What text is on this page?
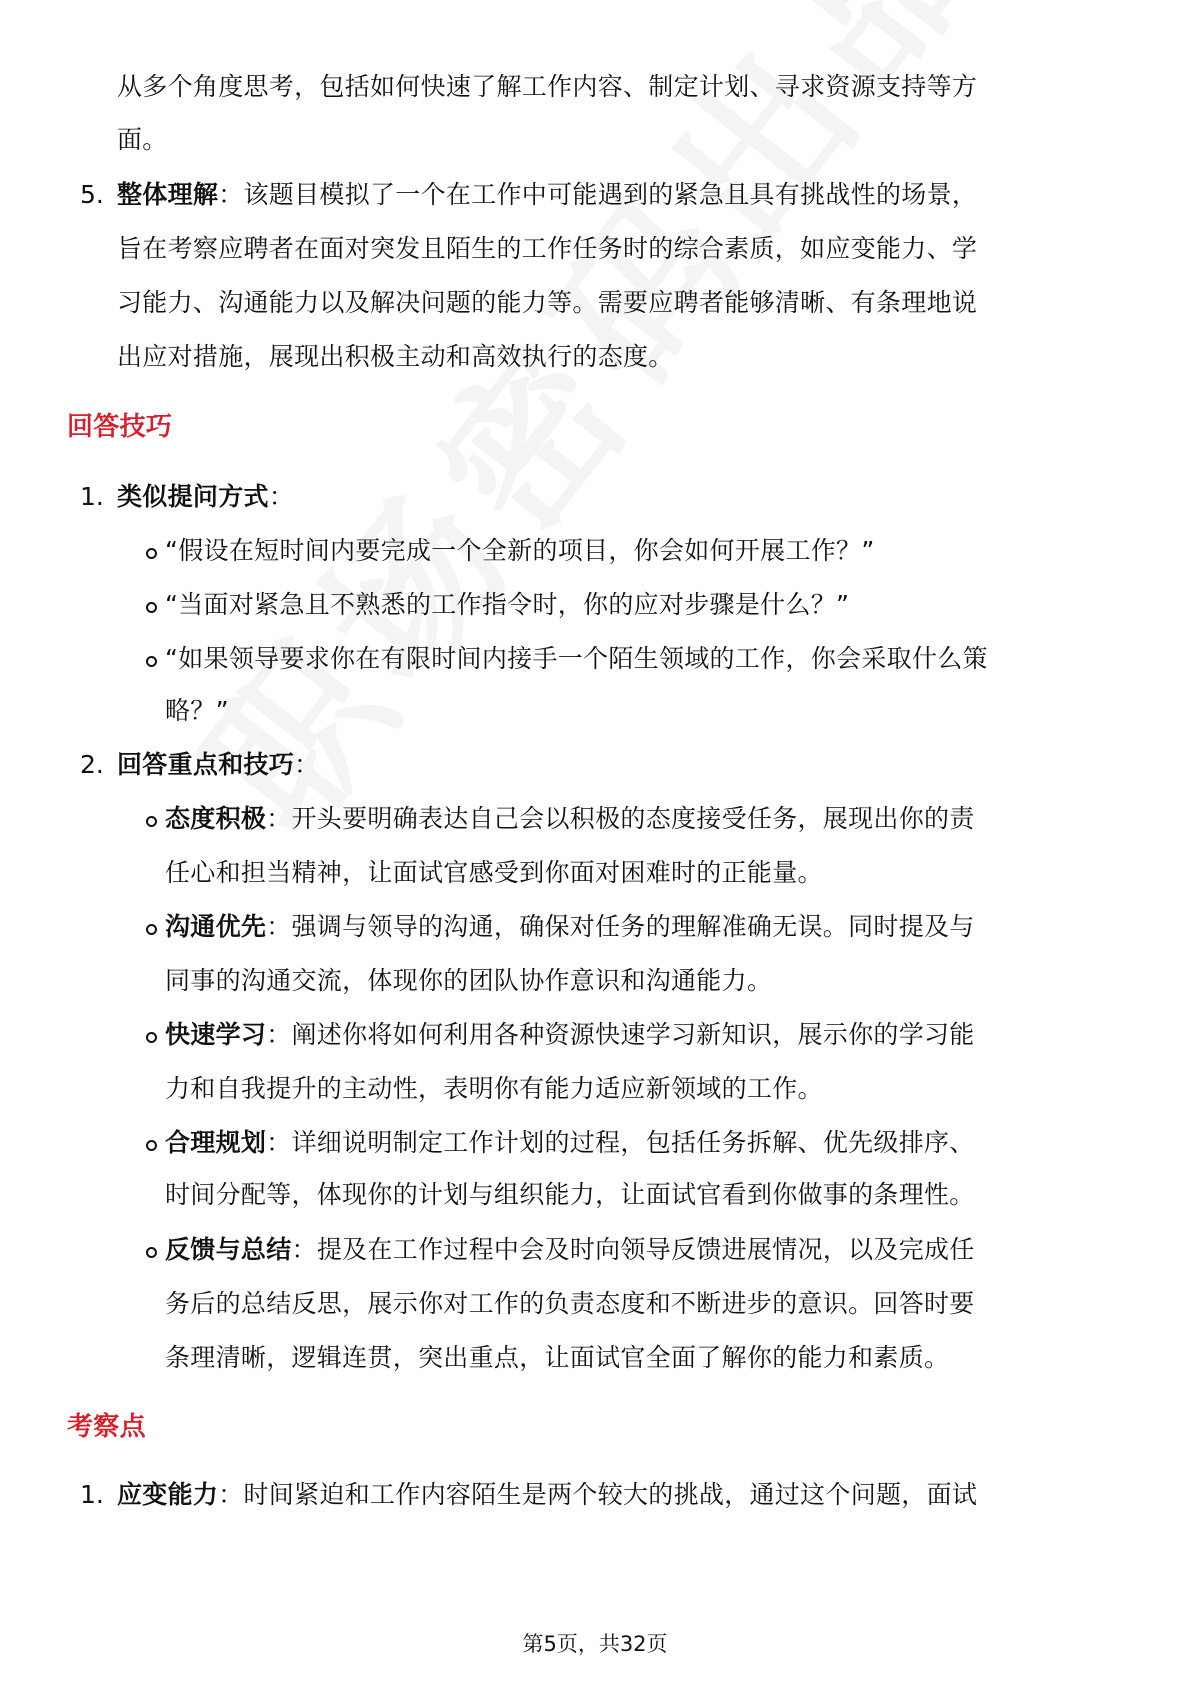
从多个角度思考，包括如何快速了解工作内容、制定计划、寻求资源支持等方
面。
5. 整体理解：该题目模拟了一个在工作中可能遇到的紧急且具有挑战性的场景，
旨在考察应聘者在面对突发且陌生的工作任务时的综合素质，如应变能力、学
习能力、沟通能力以及解决问题的能力等。需要应聘者能够清晰、有条理地说
出应对措施，展现出积极主动和高效执行的态度。
回答技巧
1. 类似提问方式：
“假设在短时间内要完成一个全新的项目，你会如何开展工作？”
“当面对紧急且不熟悉的工作指令时，你的应对步骤是什么？”
“如果领导要求你在有限时间内接手一个陌生领域的工作，你会采取什么策
略？”
2. 回答重点和技巧：
态度积极：开头要明确表达自己会以积极的态度接受任务，展现出你的责
任心和担当精神，让面试官感受到你面对困难时的正能量。
沟通优先：强调与领导的沟通，确保对任务的理解准确无误。同时提及与
同事的沟通交流，体现你的团队协作意识和沟通能力。
快速学习：阐述你将如何利用各种资源快速学习新知识，展示你的学习能
力和自我提升的主动性，表明你有能力适应新领域的工作。
合理规划：详细说明制定工作计划的过程，包括任务拆解、优先级排序、
时间分配等，体现你的计划与组织能力，让面试官看到你做事的条理性。
反馈与总结：提及在工作过程中会及时向领导反馈进展情况，以及完成任
务后的总结反思，展示你对工作的负责态度和不断进步的意识。回答时要
条理清晰，逻辑连贯，突出重点，让面试官全面了解你的能力和素质。
考察点
1. 应变能力：时间紧迫和工作内容陌生是两个较大的挑战，通过这个问题，面试
第5页，共32页
